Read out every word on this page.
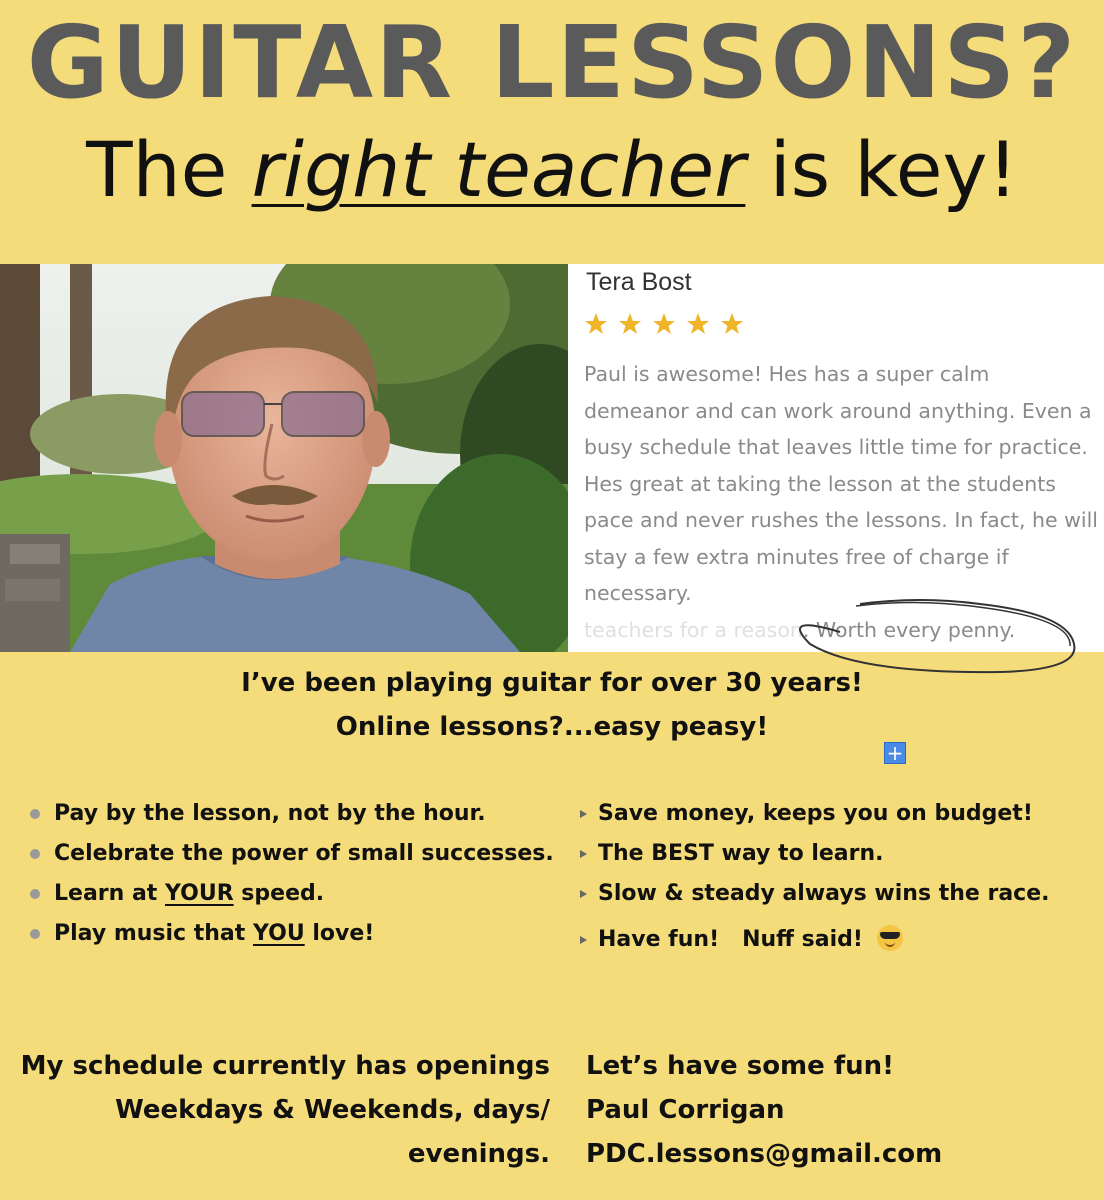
GUITAR LESSONS?
The right teacher is key!
Tera Bost

Paul is awesome! Hes has a super calm
demeanor and can work around anything. Even a
busy schedule that leaves little time for practice.
Hes great at taking the lesson at the students
pace and never rushes the lessons. In fact, he will
stay a few extra minutes free of charge if
necessary.
teachers for a reason. Worth every penny.
I’ve been playing guitar for over 30 years!
Online lessons?...easy peasy!
+
Pay by the lesson, not by the hour.
Celebrate the power of small successes.
Learn at YOUR speed.
Play music that YOU love!
Save money, keeps you on budget!
The BEST way to learn.
Slow & steady always wins the race.
Have fun!   Nuff said!
My schedule currently has openings
Weekdays & Weekends, days/
evenings.
Let’s have some fun!
Paul Corrigan
PDC.lessons@gmail.com
